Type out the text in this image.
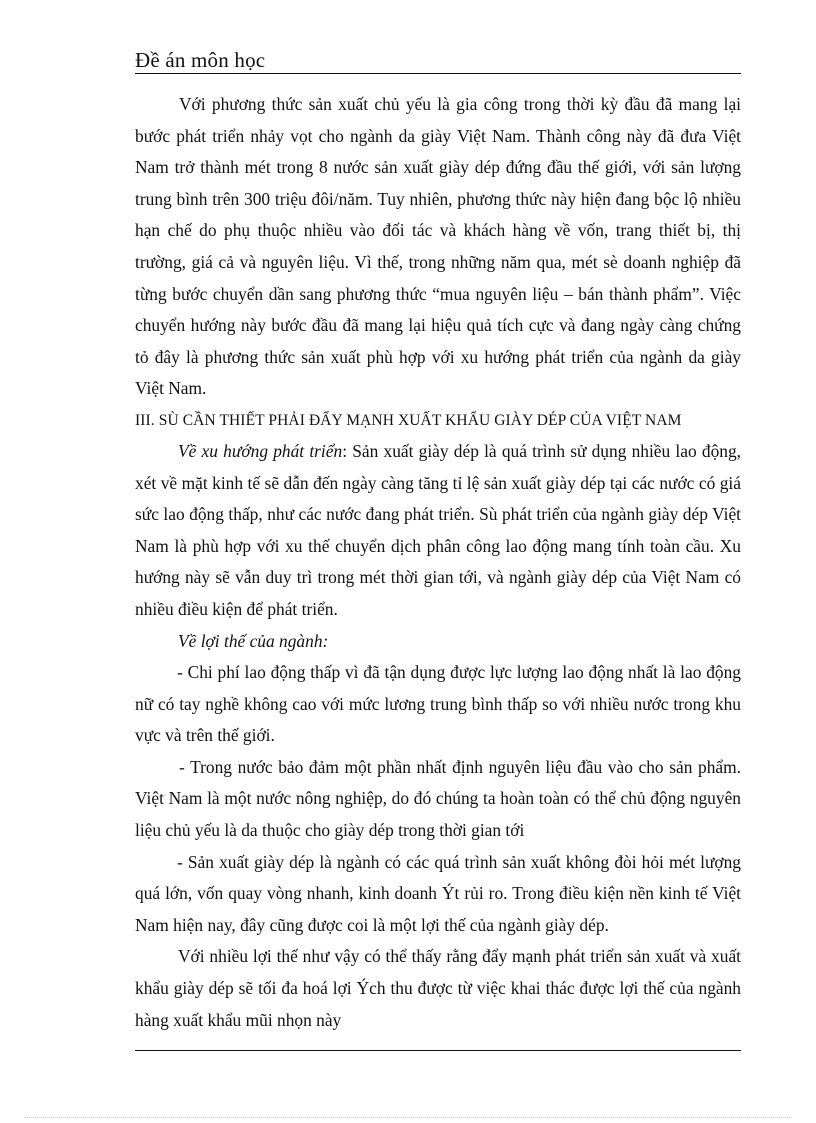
Đề án môn học

Với phương thức sản xuất chủ yếu là gia công trong thời kỳ đầu đã mang lại bước phát triển nhảy vọt cho ngành da giày Việt Nam. Thành công này đã đưa Việt Nam trở thành mét trong 8 nước sản xuất giày dép đứng đầu thế giới, với sản lượng trung bình trên 300 triệu đôi/năm. Tuy nhiên, phương thức này hiện đang bộc lộ nhiều hạn chế do phụ thuộc nhiều vào đối tác và khách hàng về vốn, trang thiết bị, thị trường, giá cả và nguyên liệu. Vì thế, trong những năm qua, mét sè doanh nghiệp đã từng bước chuyển dần sang phương thức “mua nguyên liệu – bán thành phẩm”. Việc chuyển hướng này bước đầu đã mang lại hiệu quả tích cực và đang ngày càng chứng tỏ đây là phương thức sản xuất phù hợp với xu hướng phát triển của ngành da giày Việt Nam.

III. SÙ CẦN THIẾT PHẢI ĐẨY MẠNH XUẤT KHẨU GIÀY DÉP CỦA VIỆT NAM

Về xu hướng phát triển: Sản xuất giày dép là quá trình sử dụng nhiều lao động, xét về mặt kinh tế sẽ dẫn đến ngày càng tăng tỉ lệ sản xuất giày dép tại các nước có giá sức lao động thấp, như các nước đang phát triển. Sù phát triển của ngành giày dép Việt Nam là phù hợp với xu thế chuyển dịch phân công lao động mang tính toàn cầu. Xu hướng này sẽ vẫn duy trì trong mét thời gian tới, và ngành giày dép của Việt Nam có nhiều điều kiện để phát triển.

Về lợi thế của ngành:

- Chi phí lao động thấp vì đã tận dụng được lực lượng lao động nhất là lao động nữ có tay nghề không cao với mức lương trung bình thấp so với nhiều nước trong khu vực và trên thế giới.

- Trong nước bảo đảm một phần nhất định nguyên liệu đầu vào cho sản phẩm. Việt Nam là một nước nông nghiệp, do đó chúng ta hoàn toàn có thể chủ động nguyên liệu chủ yếu là da thuộc cho giày dép trong thời gian tới

- Sản xuất giày dép là ngành có các quá trình sản xuất không đòi hỏi mét lượng quá lớn, vốn quay vòng nhanh, kinh doanh Ýt rủi ro. Trong điều kiện nền kinh tế Việt Nam hiện nay, đây cũng được coi là một lợi thế của ngành giày dép.

Với nhiều lợi thế như vậy có thể thấy rằng đẩy mạnh phát triển sản xuất và xuất khẩu giày dép sẽ tối đa hoá lợi Ých thu được từ việc khai thác được lợi thế của ngành hàng xuất khẩu mũi nhọn này
